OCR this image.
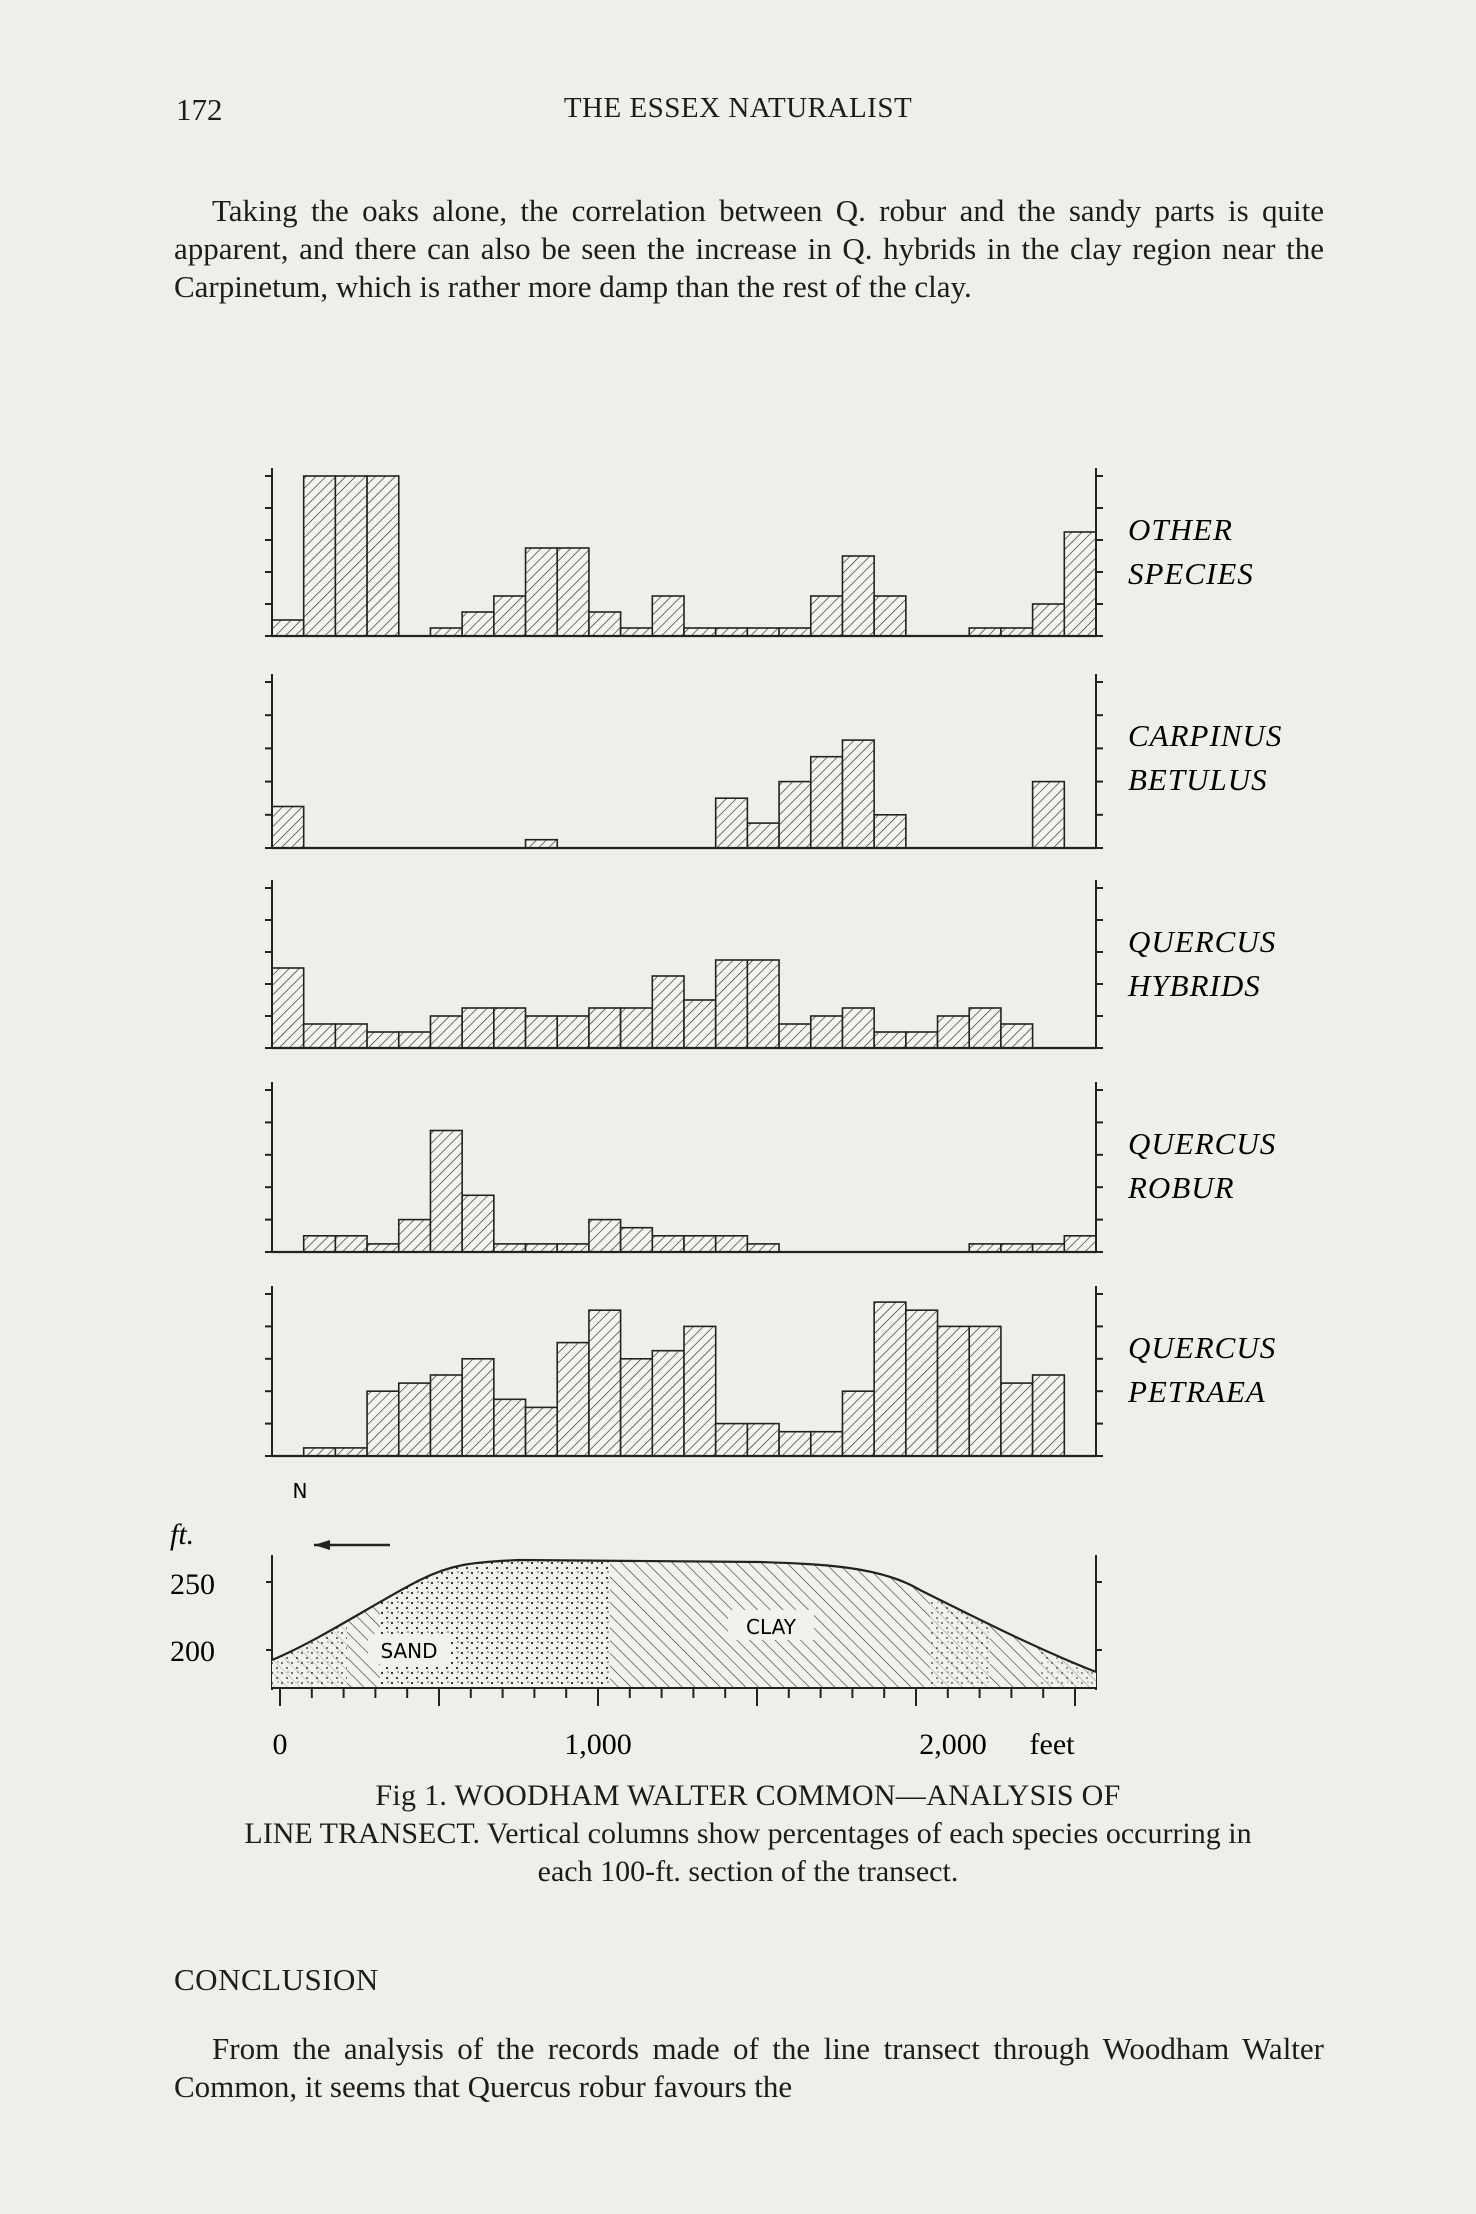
172	THE ESSEX NATURALIST

Taking the oaks alone, the correlation between Q. robur and the sandy parts is quite apparent, and there can also be seen the increase in Q. hybrids in the clay region near the Carpinetum, which is rather more damp than the rest of the clay.

OTHER
SPECIES
CARPINUS
BETULUS
QUERCUS
HYBRIDS
QUERCUS
ROBUR
QUERCUS
PETRAEA
N
ft.
250
200	SAND
CLAY
0	1,000	2,000 feet
Fig 1. WOODHAM WALTER COMMON—ANALYSIS OF
LINE TRANSECT. Vertical columns show percentages of each species occurring in each 100-ft. section of the transect.
CONCLUSION

From the analysis of the records made of the line transect through Woodham Walter Common, it seems that Quercus robur favours the
